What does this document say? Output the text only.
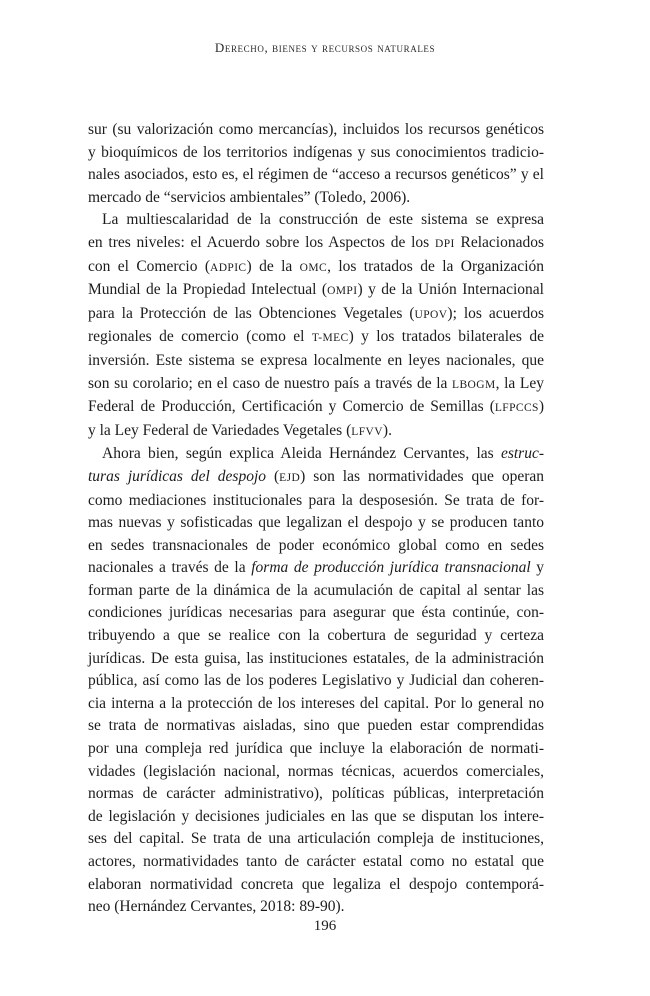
Derecho, bienes y recursos naturales
sur (su valorización como mercancías), incluidos los recursos genéticos
y bioquímicos de los territorios indígenas y sus conocimientos tradicio-
nales asociados, esto es, el régimen de “acceso a recursos genéticos” y el
mercado de “servicios ambientales” (Toledo, 2006).
La multiescalaridad de la construcción de este sistema se expresa
en tres niveles: el Acuerdo sobre los Aspectos de los DPI Relacionados
con el Comercio (ADPIC) de la OMC, los tratados de la Organización
Mundial de la Propiedad Intelectual (OMPI) y de la Unión Internacional
para la Protección de las Obtenciones Vegetales (UPOV); los acuerdos
regionales de comercio (como el T-MEC) y los tratados bilaterales de
inversión. Este sistema se expresa localmente en leyes nacionales, que
son su corolario; en el caso de nuestro país a través de la LBOGM, la Ley
Federal de Producción, Certificación y Comercio de Semillas (LFPCCS)
y la Ley Federal de Variedades Vegetales (LFVV).
Ahora bien, según explica Aleida Hernández Cervantes, las estruc-
turas jurídicas del despojo (EJD) son las normatividades que operan
como mediaciones institucionales para la desposesión. Se trata de for-
mas nuevas y sofisticadas que legalizan el despojo y se producen tanto
en sedes transnacionales de poder económico global como en sedes
nacionales a través de la forma de producción jurídica transnacional y
forman parte de la dinámica de la acumulación de capital al sentar las
condiciones jurídicas necesarias para asegurar que ésta continúe, con-
tribuyendo a que se realice con la cobertura de seguridad y certeza
jurídicas. De esta guisa, las instituciones estatales, de la administración
pública, así como las de los poderes Legislativo y Judicial dan coheren-
cia interna a la protección de los intereses del capital. Por lo general no
se trata de normativas aisladas, sino que pueden estar comprendidas
por una compleja red jurídica que incluye la elaboración de normati-
vidades (legislación nacional, normas técnicas, acuerdos comerciales,
normas de carácter administrativo), políticas públicas, interpretación
de legislación y decisiones judiciales en las que se disputan los intere-
ses del capital. Se trata de una articulación compleja de instituciones,
actores, normatividades tanto de carácter estatal como no estatal que
elaboran normatividad concreta que legaliza el despojo contemporá-
neo (Hernández Cervantes, 2018: 89-90).
196
